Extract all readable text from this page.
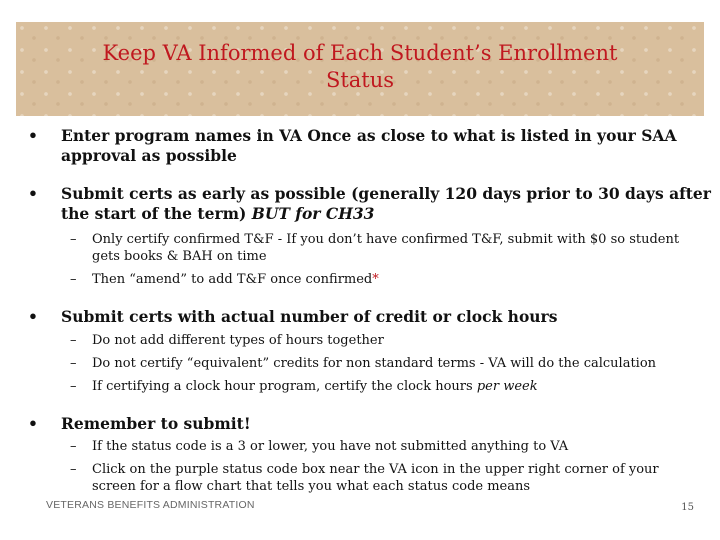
Keep VA Informed of Each Student’s Enrollment
Status
• Enter program names in VA Once as close to what is listed in your SAA approval as possible
• Submit certs as early as possible (generally 120 days prior to 30 days after the start of the term) BUT for CH33
– Only certify confirmed T&F - If you don’t have confirmed T&F, submit with $0 so student gets books & BAH on time
– Then “amend” to add T&F once confirmed*
• Submit certs with actual number of credit or clock hours
– Do not add different types of hours together
– Do not certify “equivalent” credits for non standard terms - VA will do the calculation
– If certifying a clock hour program, certify the clock hours per week
• Remember to submit!
– If the status code is a 3 or lower, you have not submitted anything to VA
– Click on the purple status code box near the VA icon in the upper right corner of your screen for a flow chart that tells you what each status code means
VETERANS BENEFITS ADMINISTRATION	15
